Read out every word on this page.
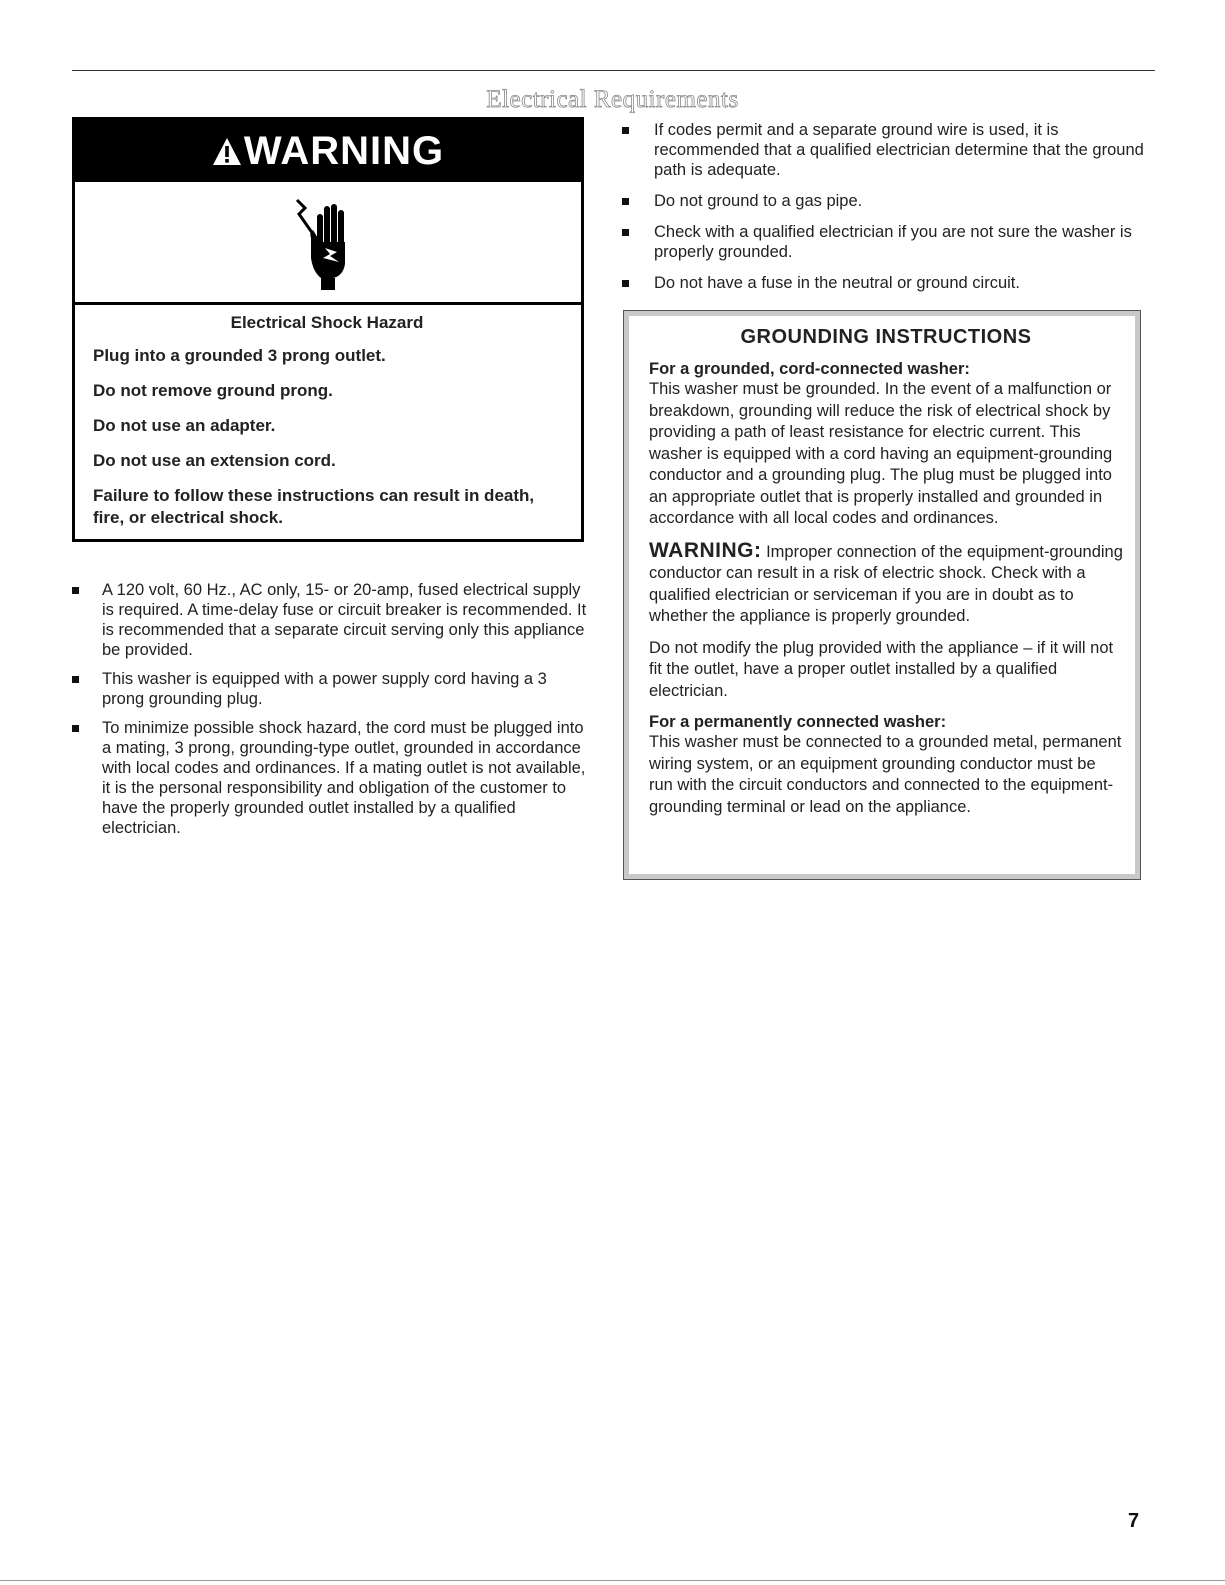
Electrical Requirements
WARNING

Electrical Shock Hazard

Plug into a grounded 3 prong outlet.

Do not remove ground prong.

Do not use an adapter.

Do not use an extension cord.

Failure to follow these instructions can result in death, fire, or electrical shock.

A 120 volt, 60 Hz., AC only, 15- or 20-amp, fused electrical supply is required. A time-delay fuse or circuit breaker is recommended. It is recommended that a separate circuit serving only this appliance be provided.
This washer is equipped with a power supply cord having a 3 prong grounding plug.
To minimize possible shock hazard, the cord must be plugged into a mating, 3 prong, grounding-type outlet, grounded in accordance with local codes and ordinances. If a mating outlet is not available, it is the personal responsibility and obligation of the customer to have the properly grounded outlet installed by a qualified electrician.
If codes permit and a separate ground wire is used, it is recommended that a qualified electrician determine that the ground path is adequate.
Do not ground to a gas pipe.
Check with a qualified electrician if you are not sure the washer is properly grounded.
Do not have a fuse in the neutral or ground circuit.

GROUNDING INSTRUCTIONS

For a grounded, cord-connected washer:

This washer must be grounded. In the event of a malfunction or breakdown, grounding will reduce the risk of electrical shock by providing a path of least resistance for electric current. This washer is equipped with a cord having an equipment-grounding conductor and a grounding plug. The plug must be plugged into an appropriate outlet that is properly installed and grounded in accordance with all local codes and ordinances.

WARNING: Improper connection of the equipment-grounding conductor can result in a risk of electric shock. Check with a qualified electrician or serviceman if you are in doubt as to whether the appliance is properly grounded.

Do not modify the plug provided with the appliance – if it will not fit the outlet, have a proper outlet installed by a qualified electrician.

For a permanently connected washer:

This washer must be connected to a grounded metal, permanent wiring system, or an equipment grounding conductor must be run with the circuit conductors and connected to the equipment-grounding terminal or lead on the appliance.

7
